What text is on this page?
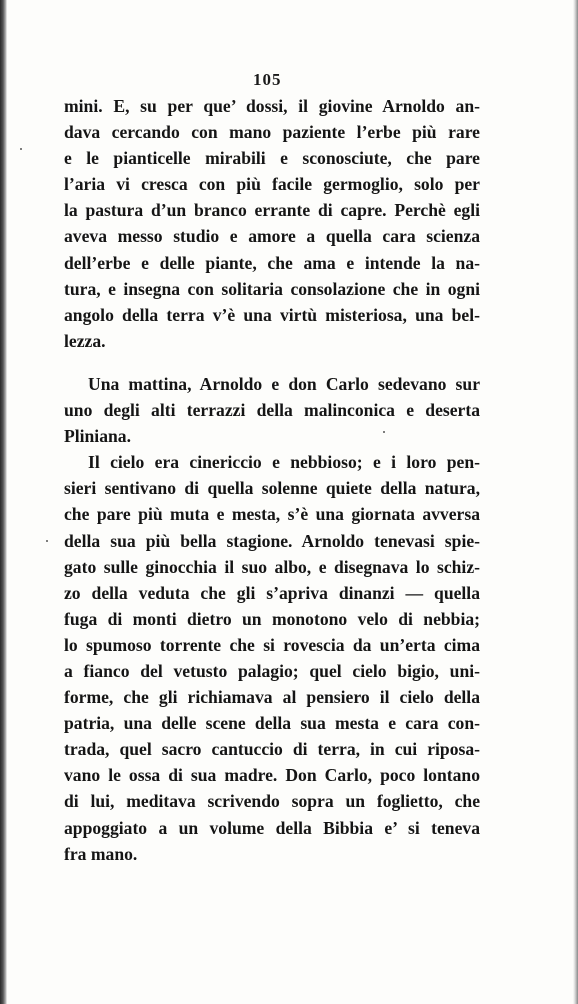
105
mini. E, su per que’ dossi, il giovine Arnoldo an-
dava cercando con mano paziente l’erbe più rare
e le pianticelle mirabili e sconosciute, che pare
l’aria vi cresca con più facile germoglio, solo per
la pastura d’un branco errante di capre. Perchè egli
aveva messo studio e amore a quella cara scienza
dell’erbe e delle piante, che ama e intende la na-
tura, e insegna con solitaria consolazione che in ogni
angolo della terra v’è una virtù misteriosa, una bel-
lezza.
Una mattina, Arnoldo e don Carlo sedevano sur
uno degli alti terrazzi della malinconica e deserta
Pliniana.
Il cielo era cinericcio e nebbioso; e i loro pen-
sieri sentivano di quella solenne quiete della natura,
che pare più muta e mesta, s’è una giornata avversa
della sua più bella stagione. Arnoldo tenevasi spie-
gato sulle ginocchia il suo albo, e disegnava lo schiz-
zo della veduta che gli s’apriva dinanzi — quella
fuga di monti dietro un monotono velo di nebbia;
lo spumoso torrente che si rovescia da un’erta cima
a fianco del vetusto palagio; quel cielo bigio, uni-
forme, che gli richiamava al pensiero il cielo della
patria, una delle scene della sua mesta e cara con-
trada, quel sacro cantuccio di terra, in cui riposa-
vano le ossa di sua madre. Don Carlo, poco lontano
di lui, meditava scrivendo sopra un foglietto, che
appoggiato a un volume della Bibbia e’ si teneva
fra mano.
